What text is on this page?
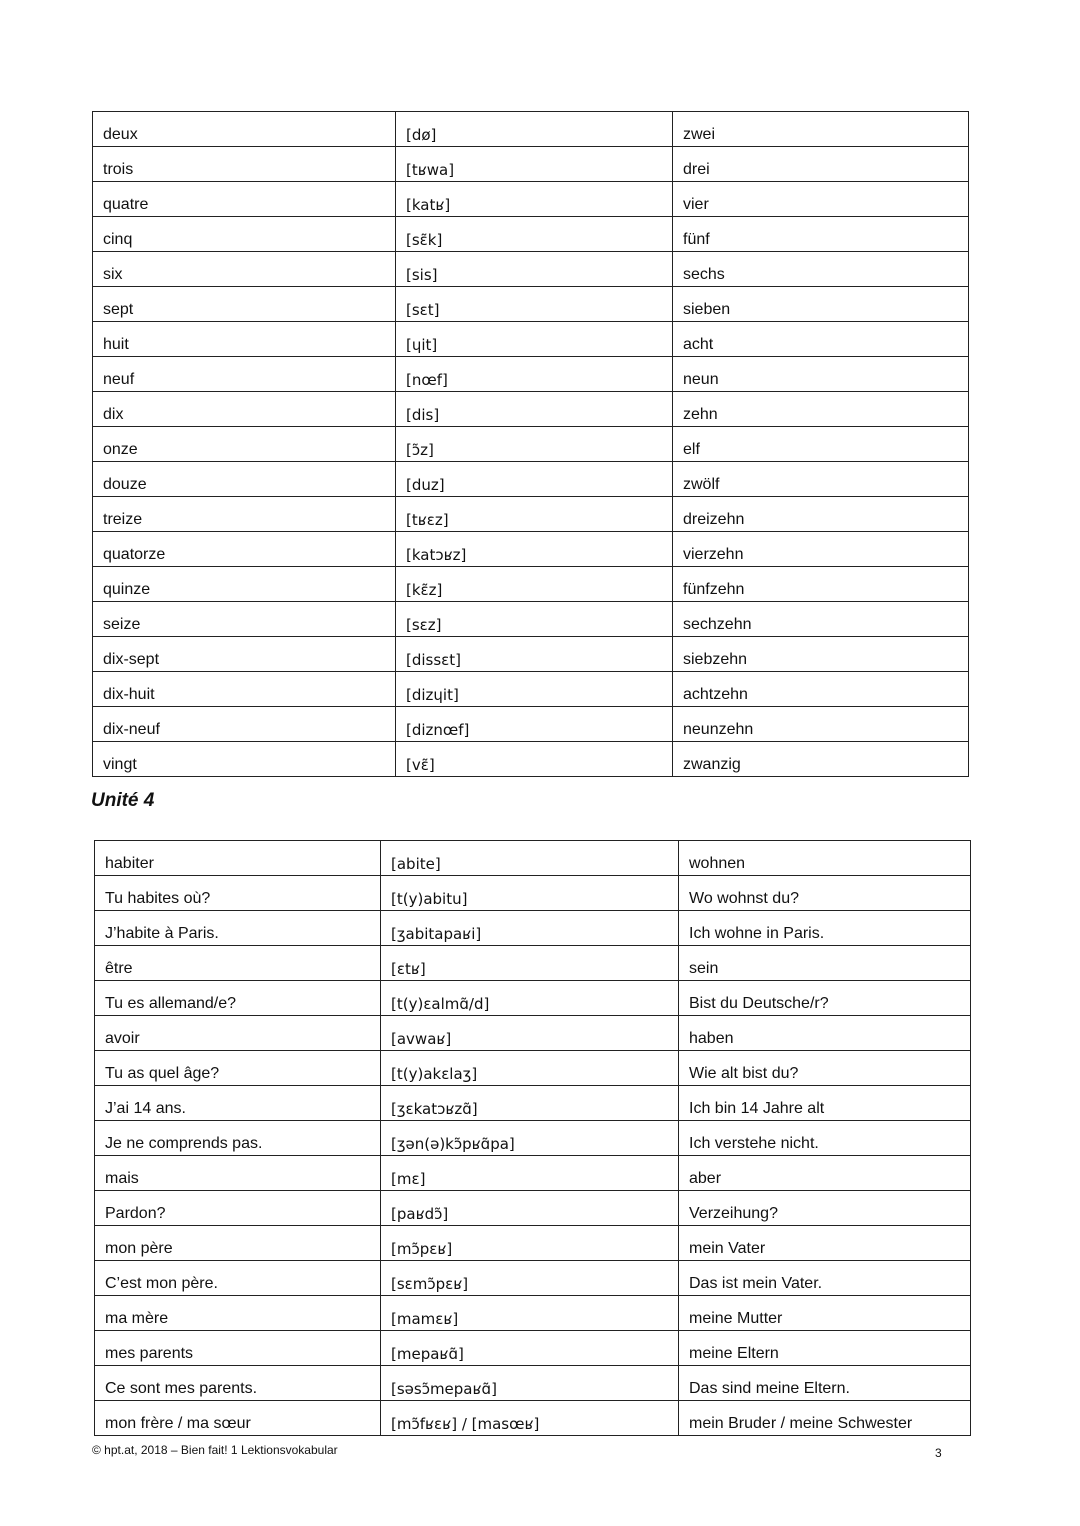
deux	[dø]	zwei
trois	[tʁwa]	drei
quatre	[katʁ]	vier
cinq	[sɛ̃k]	fünf
six	[sis]	sechs
sept	[sɛt]	sieben
huit	[ɥit]	acht
neuf	[nœf]	neun
dix	[dis]	zehn
onze	[ɔ̃z]	elf
douze	[duz]	zwölf
treize	[tʁɛz]	dreizehn
quatorze	[katɔʁz]	vierzehn
quinze	[kɛ̃z]	fünfzehn
seize	[sɛz]	sechzehn
dix-sept	[dissɛt]	siebzehn
dix-huit	[dizɥit]	achtzehn
dix-neuf	[diznœf]	neunzehn
vingt	[vɛ̃]	zwanzig
Unité 4
habiter	[abite]	wohnen
Tu habites où?	[t(y)abitu]	Wo wohnst du?
J’habite à Paris.	[ʒabitapaʁi]	Ich wohne in Paris.
être	[ɛtʁ]	sein
Tu es allemand/e?	[t(y)ɛalmɑ̃/d]	Bist du Deutsche/r?
avoir	[avwaʁ]	haben
Tu as quel âge?	[t(y)akɛlaʒ]	Wie alt bist du?
J’ai 14 ans.	[ʒɛkatɔʁzɑ̃]	Ich bin 14 Jahre alt
Je ne comprends pas.	[ʒən(ə)kɔ̃pʁɑ̃pa]	Ich verstehe nicht.
mais	[mɛ]	aber
Pardon?	[paʁdɔ̃]	Verzeihung?
mon père	[mɔ̃pɛʁ]	mein Vater
C’est mon père.	[sɛmɔ̃pɛʁ]	Das ist mein Vater.
ma mère	[mamɛʁ]	meine Mutter
mes parents	[mepaʁɑ̃]	meine Eltern
Ce sont mes parents.	[səsɔ̃mepaʁɑ̃]	Das sind meine Eltern.
mon frère / ma sœur	[mɔ̃fʁɛʁ] / [masœʁ]	mein Bruder / meine Schwester
© hpt.at, 2018 – Bien fait! 1 Lektionsvokabular	3
